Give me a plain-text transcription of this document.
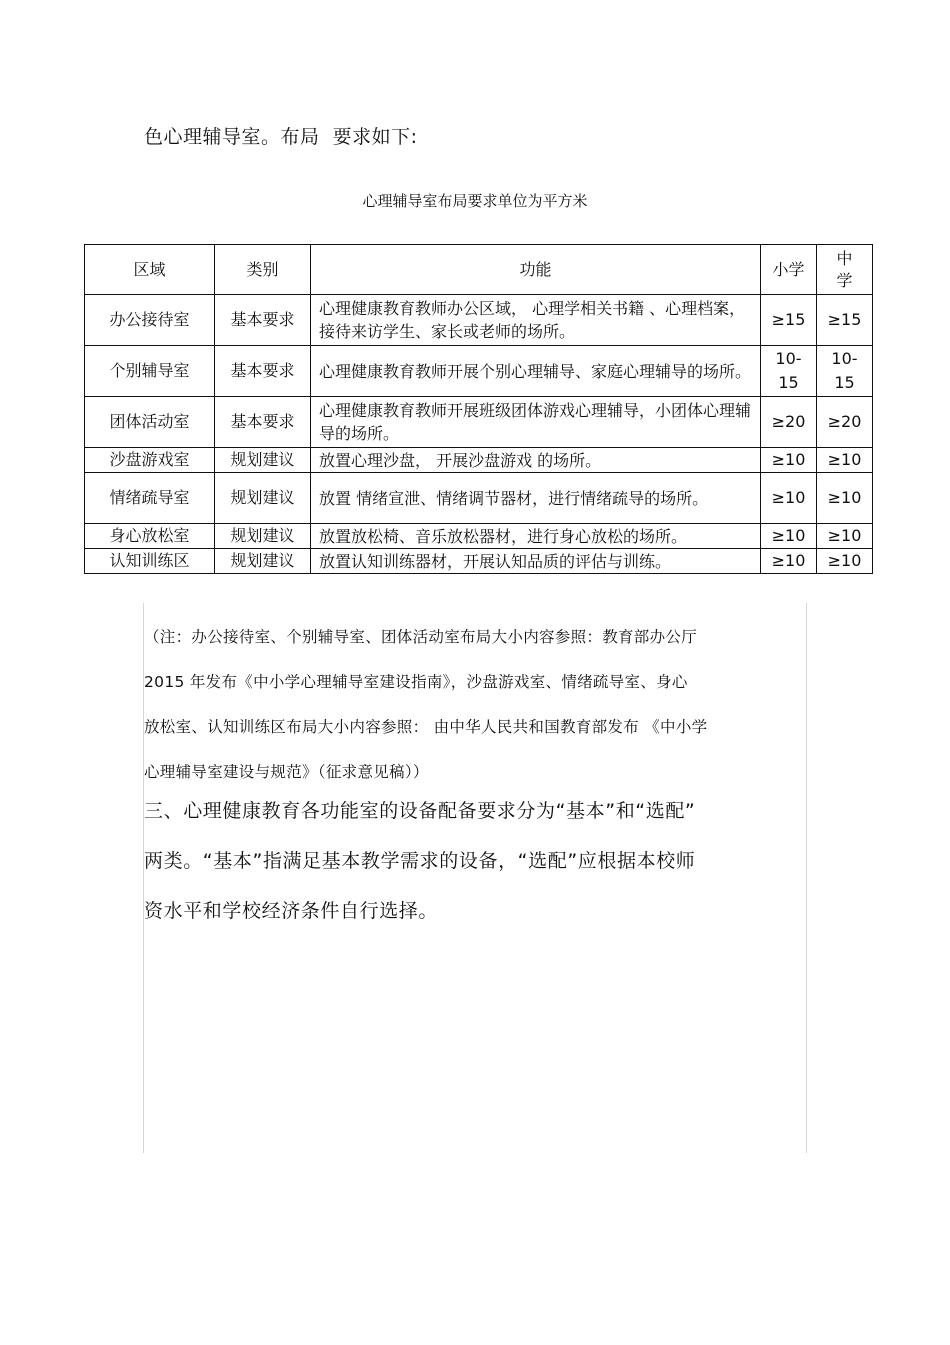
色心理辅导室。布局  要求如下:
心理辅导室布局要求单位为平方米
区域	类别	功能	小学	中学
办公接待室	基本要求	心理健康教育教师办公区域， 心理学相关书籍 、心理档案，接待来访学生、家长或老师的场所。	≥15	≥15
个别辅导室	基本要求	心理健康教育教师开展个别心理辅导、家庭心理辅导的场所。	10-15	10-15
团体活动室	基本要求	心理健康教育教师开展班级团体游戏心理辅导，小团体心理辅导的场所。	≥20	≥20
沙盘游戏室	规划建议	放置心理沙盘， 开展沙盘游戏 的场所。	≥10	≥10
情绪疏导室	规划建议	放置 情绪宣泄、情绪调节器材，进行情绪疏导的场所。	≥10	≥10
身心放松室	规划建议	放置放松椅、音乐放松器材，进行身心放松的场所。	≥10	≥10
认知训练区	规划建议	放置认知训练器材，开展认知品质的评估与训练。	≥10	≥10
（注：办公接待室、个别辅导室、团体活动室布局大小内容参照：教育部办公厅
2015 年发布《中小学心理辅导室建设指南》，沙盘游戏室、情绪疏导室、身心
放松室、认知训练区布局大小内容参照： 由中华人民共和国教育部发布 《中小学
心理辅导室建设与规范》（征求意见稿））
三、心理健康教育各功能室的设备配备要求分为“基本”和“选配”
两类。“基本”指满足基本教学需求的设备，“选配”应根据本校师
资水平和学校经济条件自行选择。
